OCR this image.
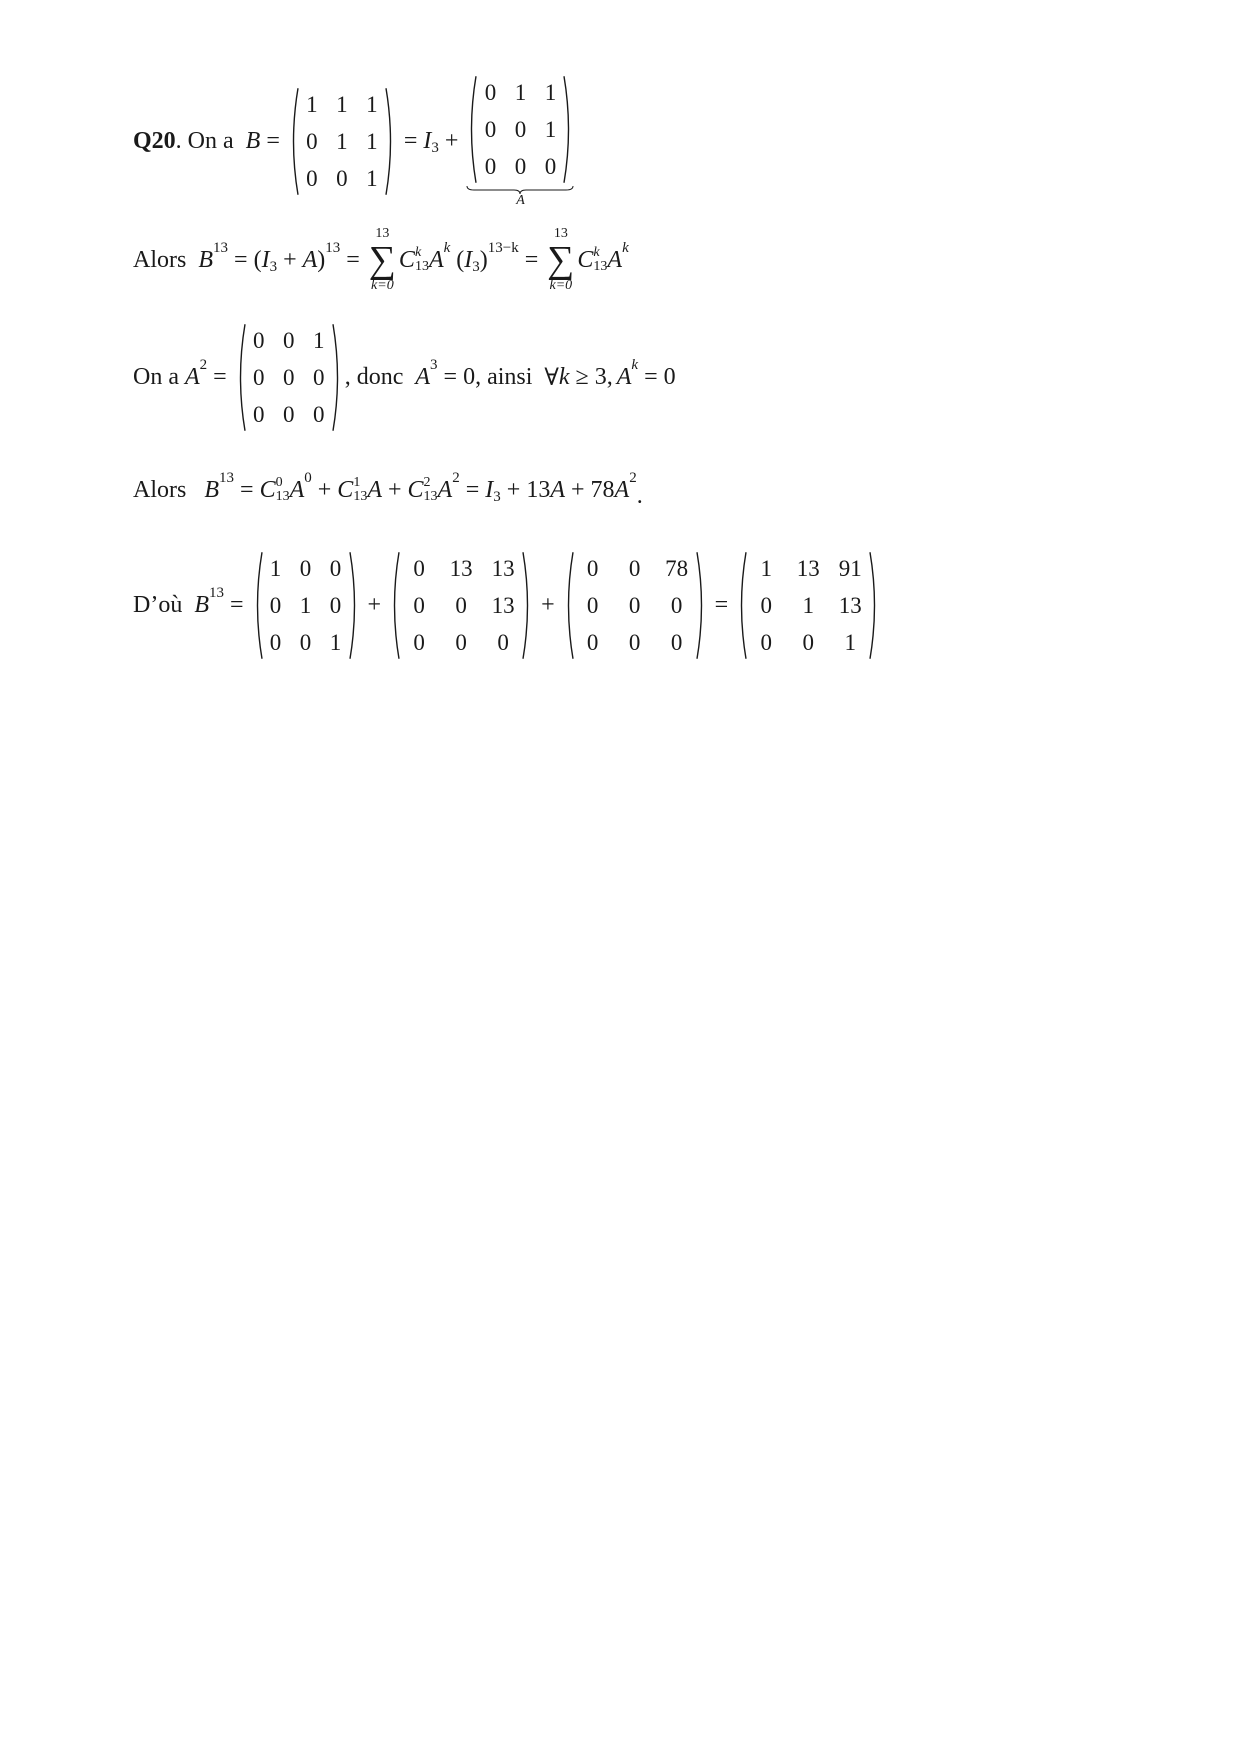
Q20 . On a B =
1 1 1
0 1 1
0 0 1
= I 3 +
0 1 1
0 0 1
0 0 0
A
Alors B 13 = ( I 3 + A ) 13 =
13
∑
k=0
C k
13 A k ( I 3 ) 13−k =
13
∑
k=0
C k
13 A k
On a A 2 =
0 0 1
0 0 0
0 0 0
, donc A 3 = 0 , ainsi ∀ k ≥ 3, A k = 0
Alors B 13 = C 0
13 A 0 + C 1
13 A + C 2
13 A 2 = I 3 + 13 A + 78 A 2
.
D’où B 13 =
1 0 0
0 1 0
0 0 1
+
0	13 13
0	0	13
0	0	0
+
0	0	78
0	0	0
0	0	0
=
1	13 91
0	1	13
0	0	1
